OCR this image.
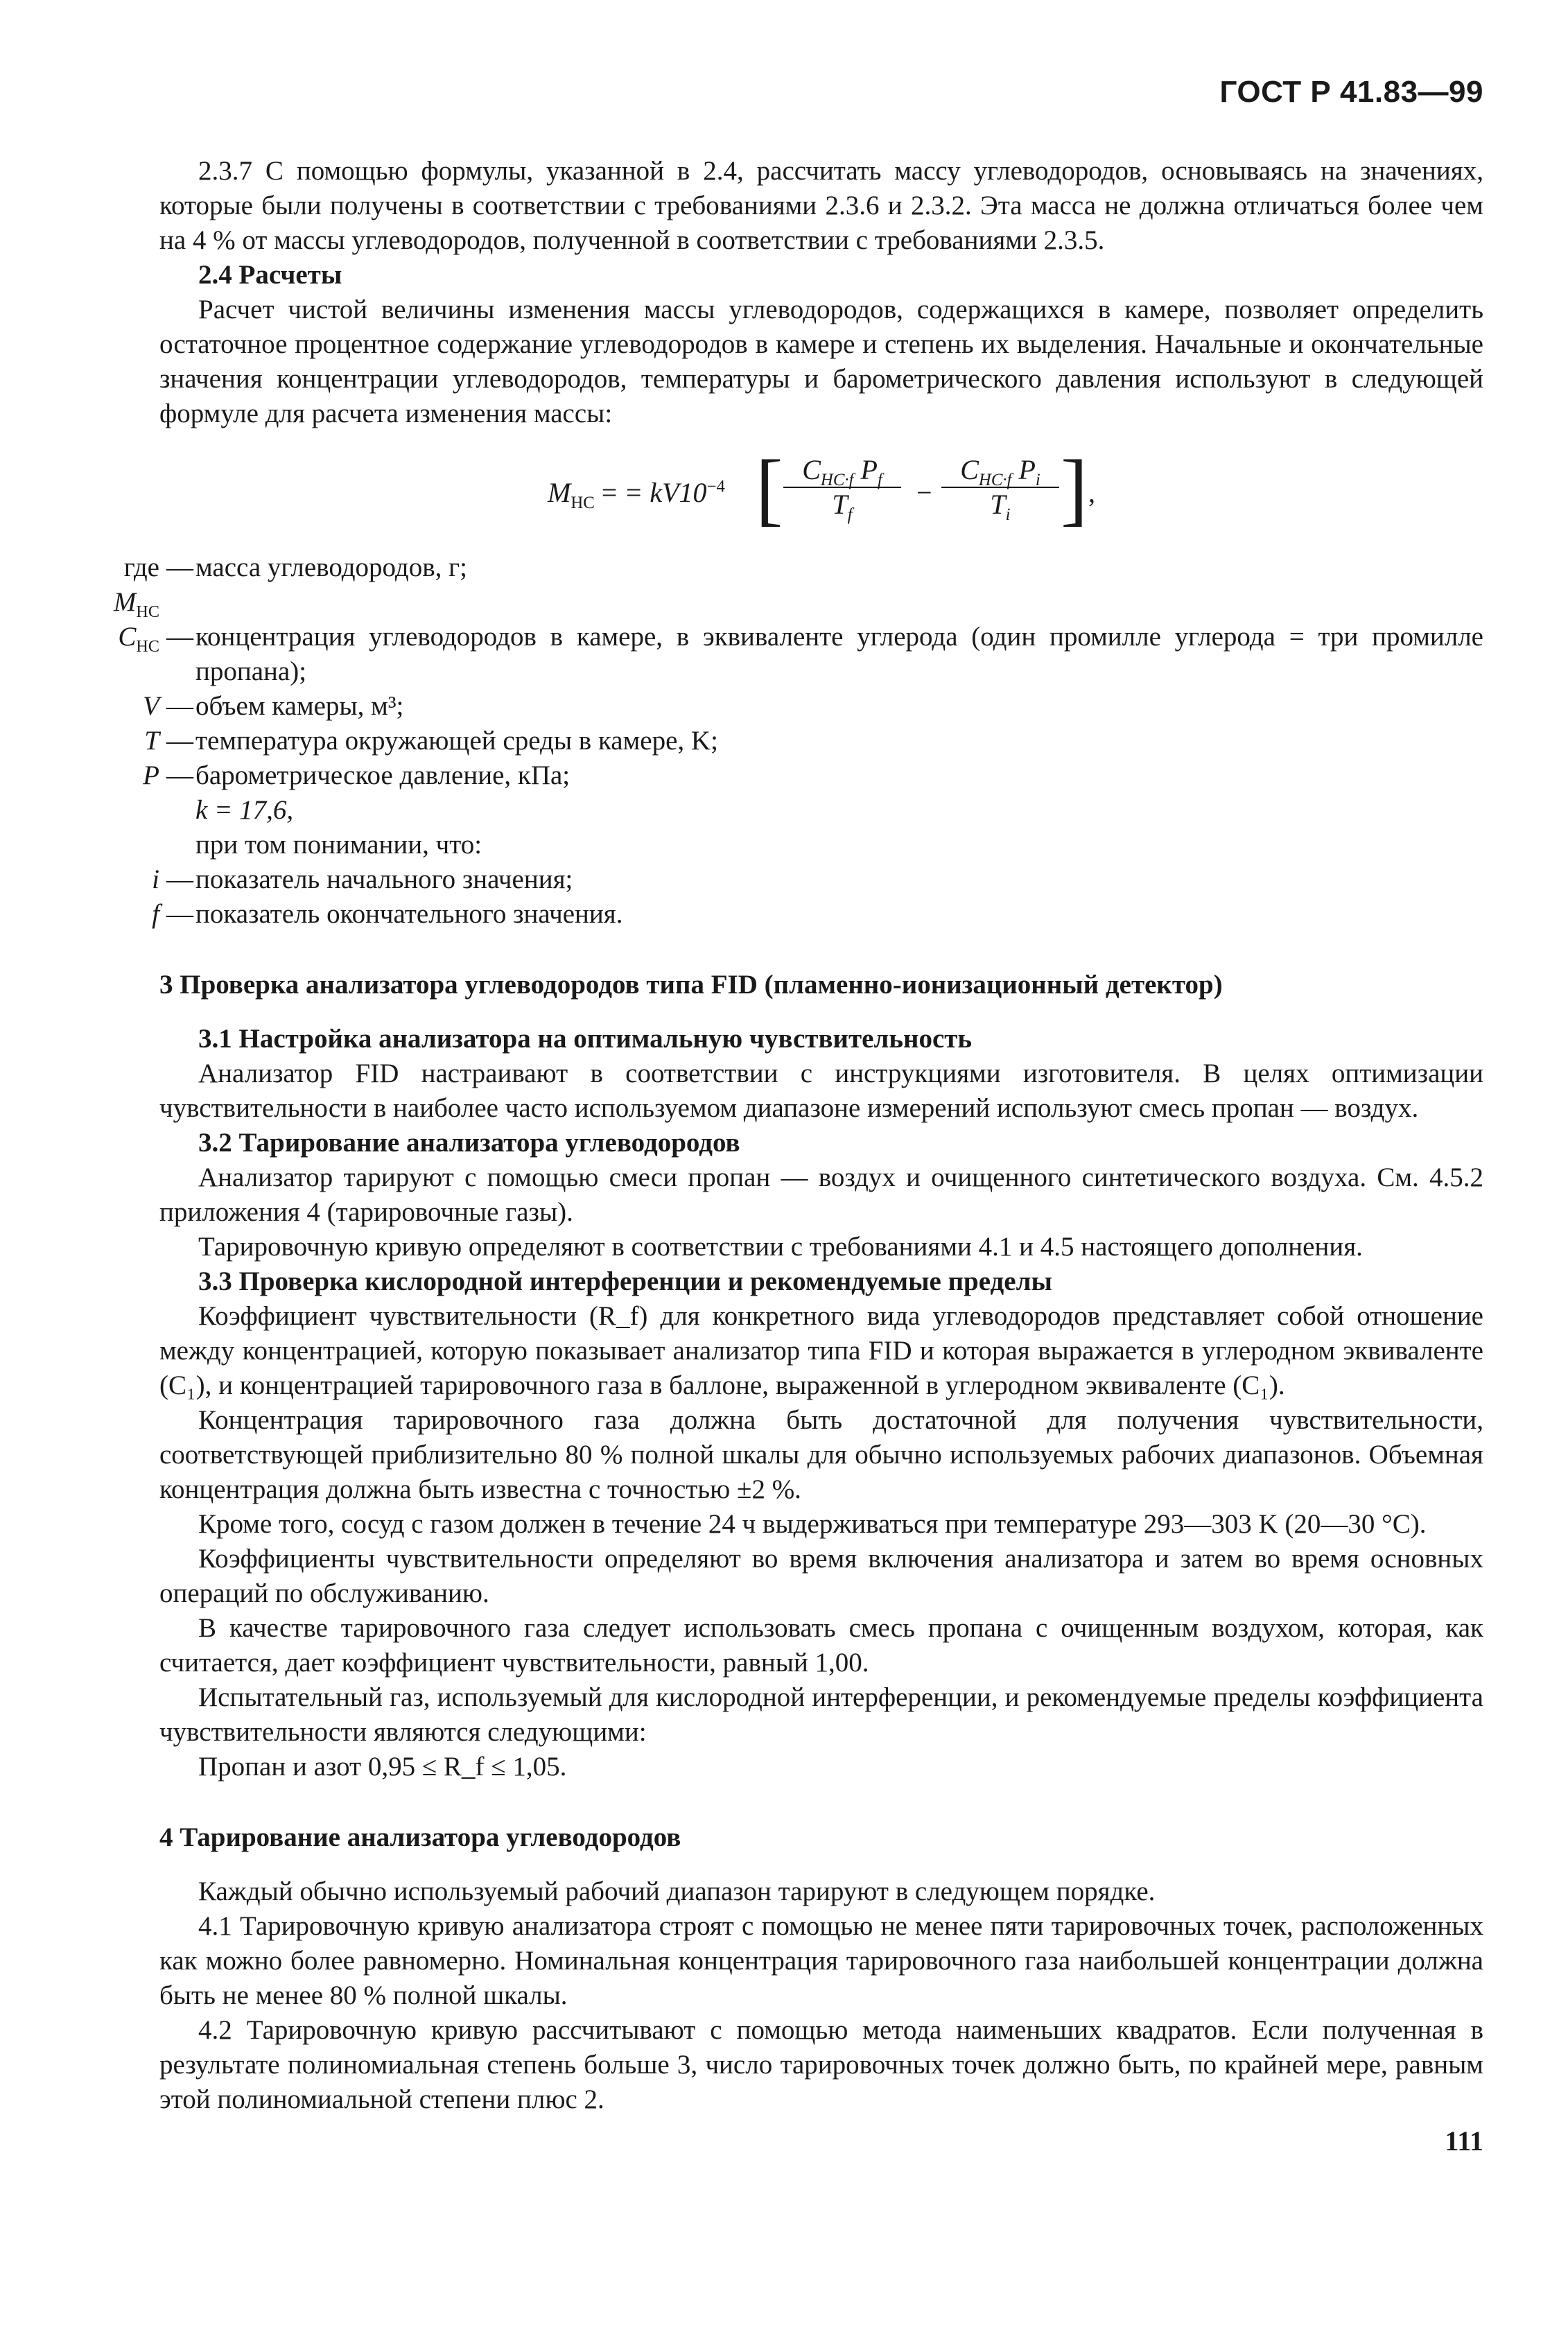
ГОСТ Р 41.83—99

2.3.7 С помощью формулы, указанной в 2.4, рассчитать массу углеводородов, основываясь на значениях, которые были получены в соответствии с требованиями 2.3.6 и 2.3.2. Эта масса не должна отличаться более чем на 4 % от массы углеводородов, полученной в соответствии с требованиями 2.3.5.

2.4 Расчеты

Расчет чистой величины изменения массы углеводородов, содержащихся в камере, позволяет определить остаточное процентное содержание углеводородов в камере и степень их выделения. Начальные и окончательные значения концентрации углеводородов, температуры и барометрического давления используют в следующей формуле для расчета изменения массы:

$M_{HC}$ = = $kV10^{-4}$ [ $C_{HC\cdot f}$ $P_f$
$T_f$
−
$C_{HC\cdot f}$ $P_i$
$T_i$ ] ,
где $M_{HC}$
— масса углеводородов, г;
$C_{HC}$ — концентрация углеводородов в камере, в эквиваленте углерода (один промилле углерода = три промилле пропана);
V — объем камеры, м³;
T — температура окружающей среды в камере, K;
P — барометрическое давление, кПа;
k = 17,6,
при том понимании, что:
i — показатель начального значения;
f — показатель окончательного значения.

3 Проверка анализатора углеводородов типа FID (пламенно-ионизационный детектор)

3.1 Настройка анализатора на оптимальную чувствительность

Анализатор FID настраивают в соответствии с инструкциями изготовителя. В целях оптимизации чувствительности в наиболее часто используемом диапазоне измерений используют смесь пропан — воздух.

3.2 Тарирование анализатора углеводородов

Анализатор тарируют с помощью смеси пропан — воздух и очищенного синтетического воздуха. См. 4.5.2 приложения 4 (тарировочные газы).

Тарировочную кривую определяют в соответствии с требованиями 4.1 и 4.5 настоящего дополнения.

3.3 Проверка кислородной интерференции и рекомендуемые пределы

Коэффициент чувствительности (R_f) для конкретного вида углеводородов представляет собой отношение между концентрацией, которую показывает анализатор типа FID и которая выражается в углеродном эквиваленте (C₁), и концентрацией тарировочного газа в баллоне, выраженной в углеродном эквиваленте (C₁).

Концентрация тарировочного газа должна быть достаточной для получения чувствительности, соответствующей приблизительно 80 % полной шкалы для обычно используемых рабочих диапазонов. Объемная концентрация должна быть известна с точностью ±2 %.

Кроме того, сосуд с газом должен в течение 24 ч выдерживаться при температуре 293—303 K (20—30 °C).

Коэффициенты чувствительности определяют во время включения анализатора и затем во время основных операций по обслуживанию.

В качестве тарировочного газа следует использовать смесь пропана с очищенным воздухом, которая, как считается, дает коэффициент чувствительности, равный 1,00.

Испытательный газ, используемый для кислородной интерференции, и рекомендуемые пределы коэффициента чувствительности являются следующими:

Пропан и азот 0,95 ≤ R_f ≤ 1,05.

4 Тарирование анализатора углеводородов

Каждый обычно используемый рабочий диапазон тарируют в следующем порядке.

4.1 Тарировочную кривую анализатора строят с помощью не менее пяти тарировочных точек, расположенных как можно более равномерно. Номинальная концентрация тарировочного газа наибольшей концентрации должна быть не менее 80 % полной шкалы.

4.2 Тарировочную кривую рассчитывают с помощью метода наименьших квадратов. Если полученная в результате полиномиальная степень больше 3, число тарировочных точек должно быть, по крайней мере, равным этой полиномиальной степени плюс 2.

111
